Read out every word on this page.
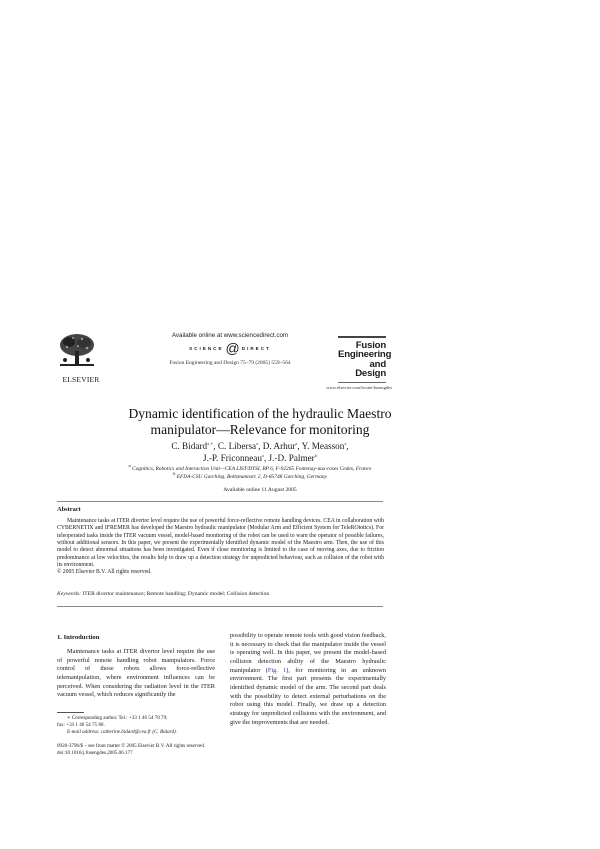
ELSEVIER
Available online at www.sciencedirect.com
SCIENCE @ DIRECT
Fusion Engineering and Design 75–79 (2005) 559–564
Fusion
Engineering
and Design
www.elsevier.com/locate/fusengdes
Dynamic identification of the hydraulic Maestro
manipulator—Relevance for monitoring
C. Bidard$^{a,∗}$, C. Libersa$^a$, D. Arhur$^a$, Y. Measson$^a$,
J.-P. Friconneau$^a$, J.-D. Palmer$^b$
$^a$ Cognitics, Robotics and Interaction Unit—CEA LIST/DTSI, BP 6, F-92265 Fontenay-aux-roses Cedex, France
$^b$ EFDA-CSU Garching, Boltzmannstr. 2, D-85748 Garching, Germany
Available online 11 August 2005
Abstract

Maintenance tasks at ITER divertor level require the use of powerful force-reflective remote handling devices. CEA in collaboration with CYBERNETIX and IFREMER has developed the Maestro hydraulic manipulator (Modular Arm and Efficient System for TeleROtotics). For teleoperated tasks inside the ITER vacuum vessel, model-based monitoring of the robot can be used to warn the operator of possible failures, without additional sensors. In this paper, we present the experimentally identified dynamic model of the Maestro arm. Then, the use of this model to detect abnormal situations has been investigated. Even if close monitoring is limited to the case of moving axes, due to friction predominance at low velocities, the results help to draw up a detection strategy for unpredicted behaviour, such as collision of the robot with its environment.

© 2005 Elsevier B.V. All rights reserved.
Keywords: ITER divertor maintenance; Remote handling; Dynamic model; Collision detection
1. Introduction

Maintenance tasks at ITER divertor level require the use of powerful remote handling robot manipulators. Force control of those robots allows force-reflective telemanipulation, where environment influences can be perceived. When considering the radiation level in the ITER vacuum vessel, which reduces significantly the

possibility to operate remote tools with good vision feedback, it is necessary to check that the manipulator inside the vessel is operating well. In this paper, we present the model-based collision detection ability of the Maestro hydraulic manipulator (Fig. 1), for monitoring in an unknown environment. The first part presents the experimentally identified dynamic model of the arm. The second part deals with the possibility to detect external perturbations on the robot using this model. Finally, we draw up a detection strategy for unpredicted collisions with the environment, and give the improvements that are needed.

∗ Corresponding author. Tel.: +33 1 46 54 78 79;
fax: +33 1 46 54 75 80.
E-mail address: catherine.bidard@cea.fr (C. Bidard).
0920-3796/$ – see front matter © 2005 Elsevier B.V. All rights reserved.
doi:10.1016/j.fusengdes.2005.06.177
